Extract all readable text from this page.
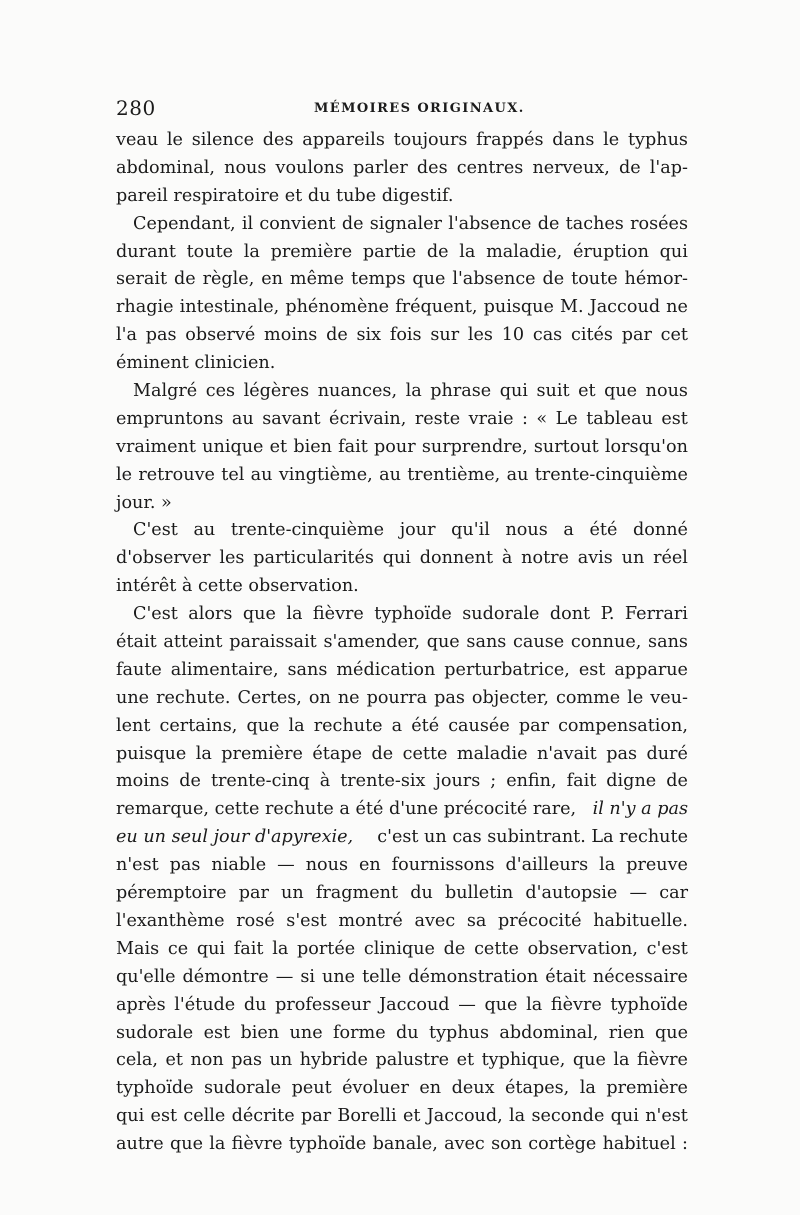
280	MÉMOIRES ORIGINAUX.
veau le silence des appareils toujours frappés dans le typhus
abdominal, nous voulons parler des centres nerveux, de l'ap-
pareil respiratoire et du tube digestif.
Cependant, il convient de signaler l'absence de taches rosées
durant toute la première partie de la maladie, éruption qui
serait de règle, en même temps que l'absence de toute hémor-
rhagie intestinale, phénomène fréquent, puisque M. Jaccoud ne
l'a pas observé moins de six fois sur les 10 cas cités par cet
éminent clinicien.
Malgré ces légères nuances, la phrase qui suit et que nous
empruntons au savant écrivain, reste vraie : « Le tableau est
vraiment unique et bien fait pour surprendre, surtout lorsqu'on
le retrouve tel au vingtième, au trentième, au trente-cinquième
jour. »
C'est au trente-cinquième jour qu'il nous a été donné
d'observer les particularités qui donnent à notre avis un réel
intérêt à cette observation.
C'est alors que la fièvre typhoïde sudorale dont P. Ferrari
était atteint paraissait s'amender, que sans cause connue, sans
faute alimentaire, sans médication perturbatrice, est apparue
une rechute. Certes, on ne pourra pas objecter, comme le veu-
lent certains, que la rechute a été causée par compensation,
puisque la première étape de cette maladie n'avait pas duré
moins de trente-cinq à trente-six jours ; enfin, fait digne de
remarque, cette rechute a été d'une précocité rare, il n'y a pas
eu un seul jour d'apyrexie, c'est un cas subintrant. La rechute
n'est pas niable — nous en fournissons d'ailleurs la preuve
péremptoire par un fragment du bulletin d'autopsie — car
l'exanthème rosé s'est montré avec sa précocité habituelle.
Mais ce qui fait la portée clinique de cette observation, c'est
qu'elle démontre — si une telle démonstration était nécessaire
après l'étude du professeur Jaccoud — que la fièvre typhoïde
sudorale est bien une forme du typhus abdominal, rien que
cela, et non pas un hybride palustre et typhique, que la fièvre
typhoïde sudorale peut évoluer en deux étapes, la première
qui est celle décrite par Borelli et Jaccoud, la seconde qui n'est
autre que la fièvre typhoïde banale, avec son cortège habituel :
